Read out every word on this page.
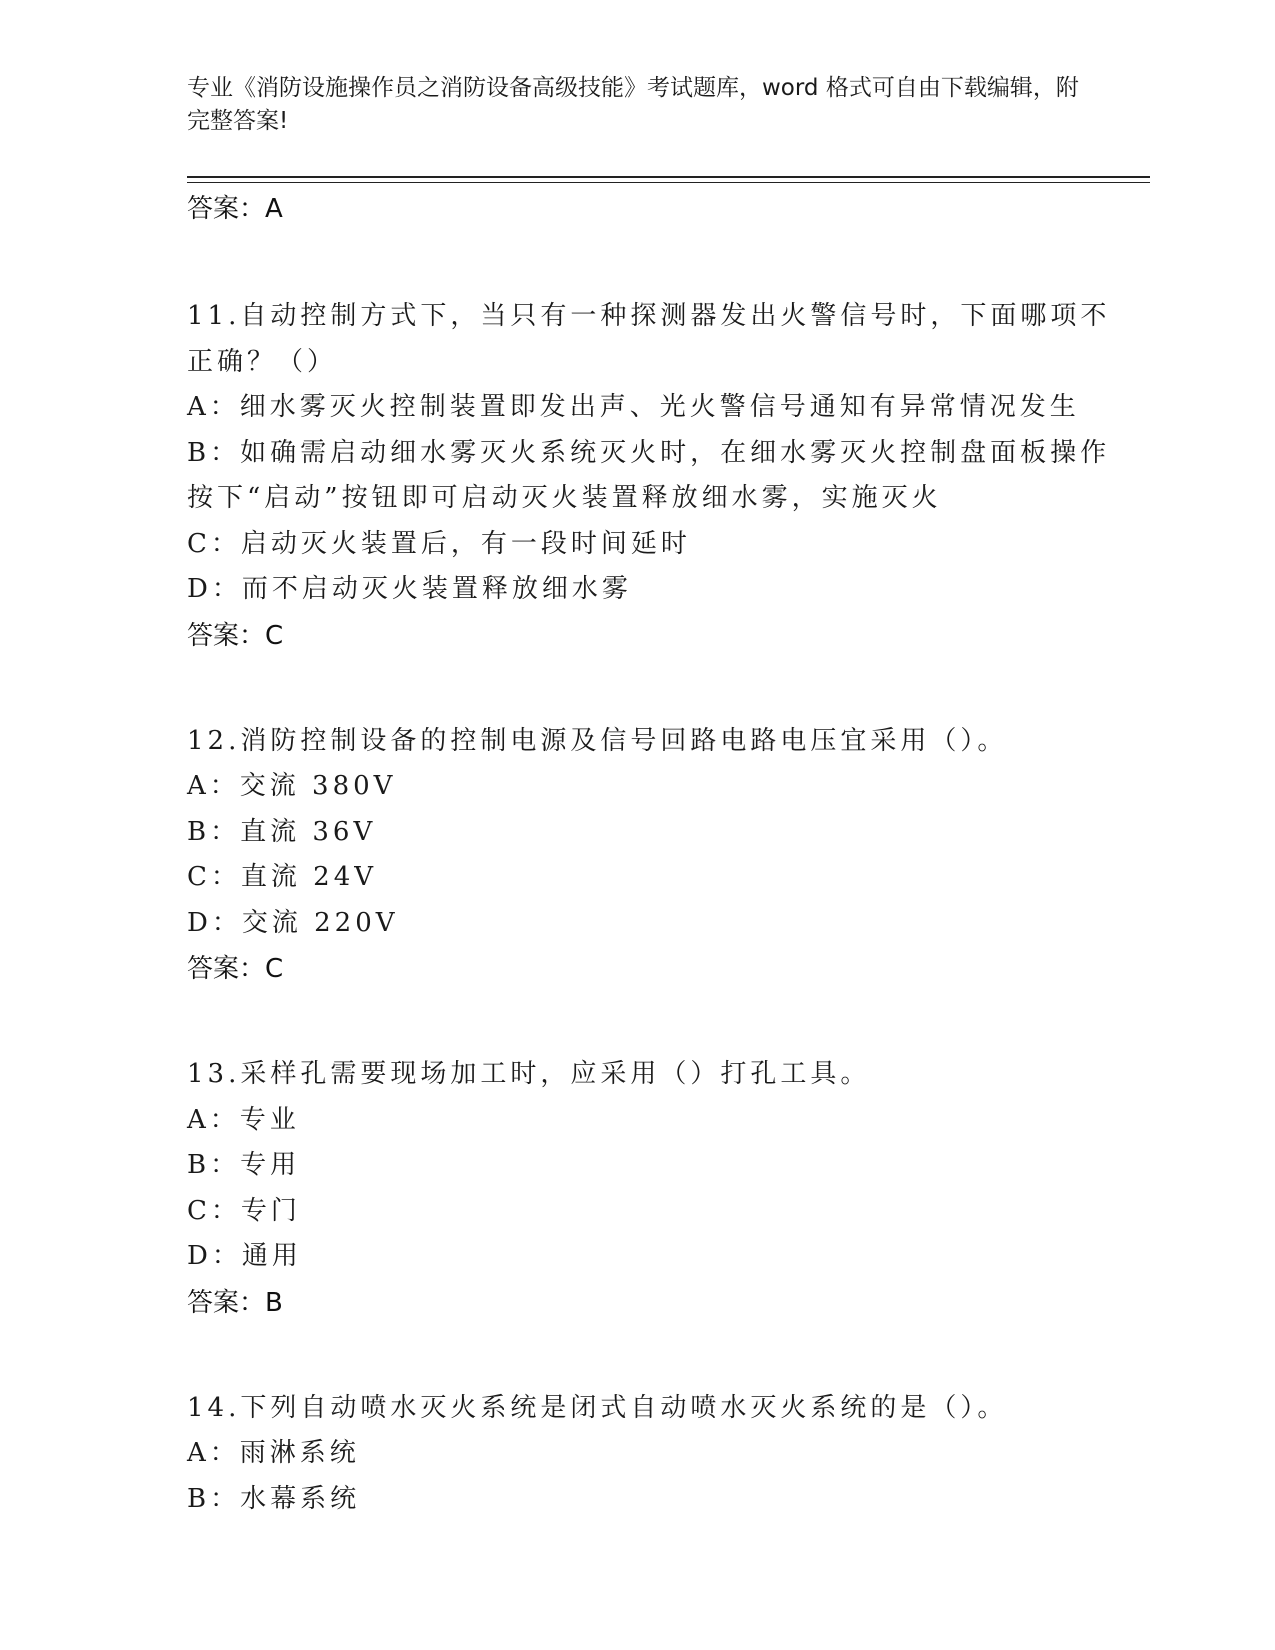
专业《消防设施操作员之消防设备高级技能》考试题库，word 格式可自由下载编辑，附完整答案!
答案：A
11.自动控制方式下，当只有一种探测器发出火警信号时，下面哪项不
正确？（）
A：细水雾灭火控制装置即发出声、光火警信号通知有异常情况发生
B：如确需启动细水雾灭火系统灭火时，在细水雾灭火控制盘面板操作
按下“启动”按钮即可启动灭火装置释放细水雾，实施灭火
C：启动灭火装置后，有一段时间延时
D：而不启动灭火装置释放细水雾
答案：C
12.消防控制设备的控制电源及信号回路电路电压宜采用（）。
A：交流 380V
B：直流 36V
C：直流 24V
D：交流 220V
答案：C
13.采样孔需要现场加工时，应采用（）打孔工具。
A：专业
B：专用
C：专门
D：通用
答案：B
14.下列自动喷水灭火系统是闭式自动喷水灭火系统的是（）。
A：雨淋系统
B：水幕系统
